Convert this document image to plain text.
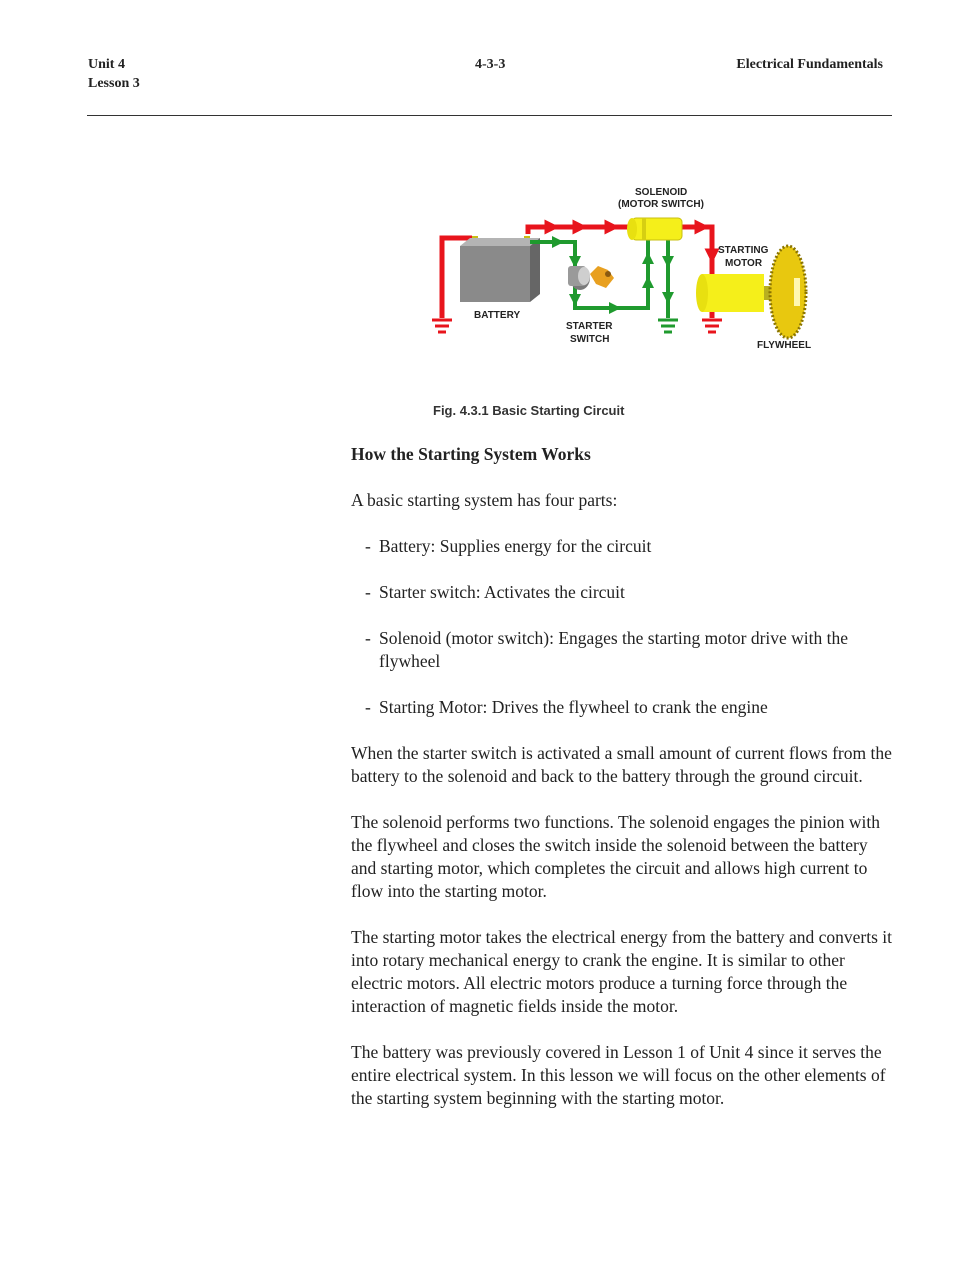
Unit 4
Lesson 3
4-3-3	Electrical Fundamentals
BATTERY
STARTER
SWITCH
SOLENOID
(MOTOR SWITCH)
STARTING
MOTOR
FLYWHEEL
Fig. 4.3.1 Basic Starting Circuit

How the Starting System Works

A basic starting system has four parts:

- Battery: Supplies energy for the circuit
- Starter switch: Activates the circuit
- Solenoid (motor switch): Engages the starting motor drive with the flywheel
- Starting Motor: Drives the flywheel to crank the engine

When the starter switch is activated a small amount of current flows from the battery to the solenoid and back to the battery through the ground circuit.

The solenoid performs two functions. The solenoid engages the pinion with the flywheel and closes the switch inside the solenoid between the battery and starting motor, which completes the circuit and allows high current to flow into the starting motor.

The starting motor takes the electrical energy from the battery and converts it into rotary mechanical energy to crank the engine. It is similar to other electric motors. All electric motors produce a turning force through the interaction of magnetic fields inside the motor.

The battery was previously covered in Lesson 1 of Unit 4 since it serves the entire electrical system. In this lesson we will focus on the other elements of the starting system beginning with the starting motor.
